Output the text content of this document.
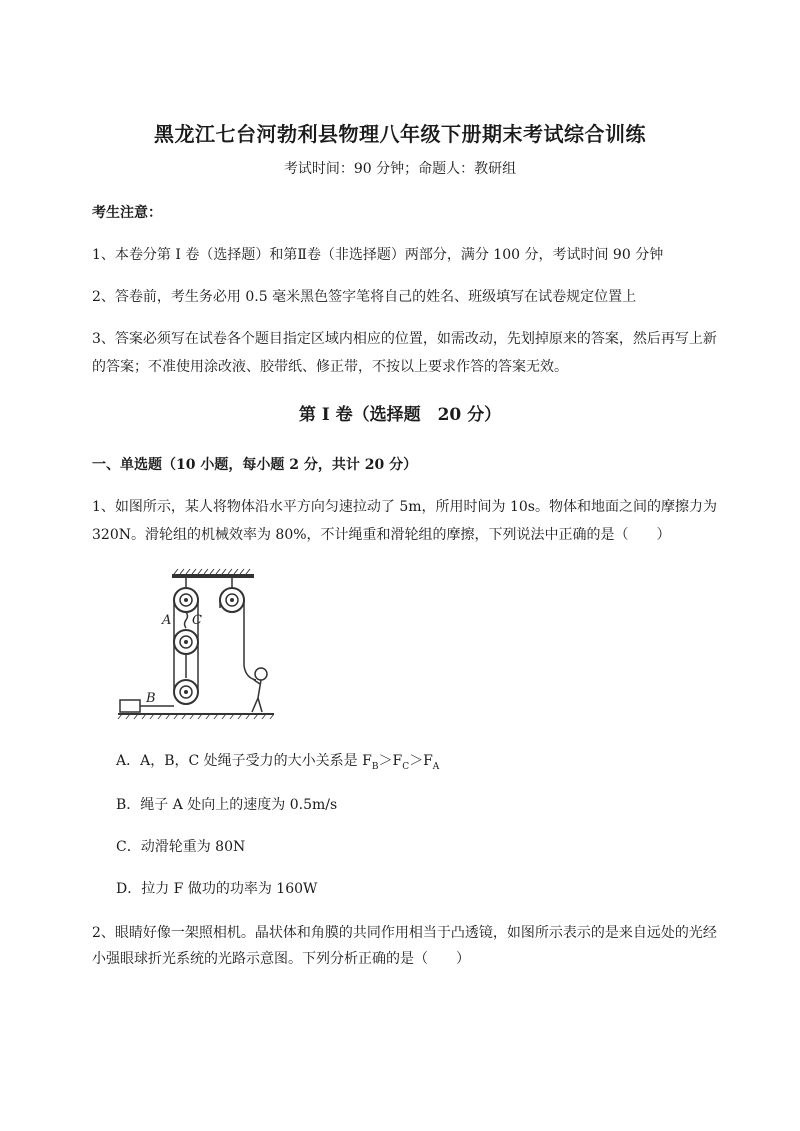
黑龙江七台河勃利县物理八年级下册期末考试综合训练
考试时间：90 分钟；命题人：教研组
考生注意：
1、本卷分第 I 卷（选择题）和第Ⅱ卷（非选择题）两部分，满分 100 分，考试时间 90 分钟
2、答卷前，考生务必用 0.5 毫米黑色签字笔将自己的姓名、班级填写在试卷规定位置上
3、答案必须写在试卷各个题目指定区域内相应的位置，如需改动，先划掉原来的答案，然后再写上新
的答案；不准使用涂改液、胶带纸、修正带，不按以上要求作答的答案无效。
第 I 卷（选择题　20 分）
一、单选题（10 小题，每小题 2 分，共计 20 分）
1、如图所示，某人将物体沿水平方向匀速拉动了 5m，所用时间为 10s。物体和地面之间的摩擦力为
320N。滑轮组的机械效率为 80%，不计绳重和滑轮组的摩擦，下列说法中正确的是（　　）
A C
B
A．A，B，C 处绳子受力的大小关系是 $F_B>F_C>F_A$
B．绳子 A 处向上的速度为 0.5m/s
C．动滑轮重为 80N
D．拉力 F 做功的功率为 160W
2、眼睛好像一架照相机。晶状体和角膜的共同作用相当于凸透镜，如图所示表示的是来自远处的光经
小强眼球折光系统的光路示意图。下列分析正确的是（　　）
